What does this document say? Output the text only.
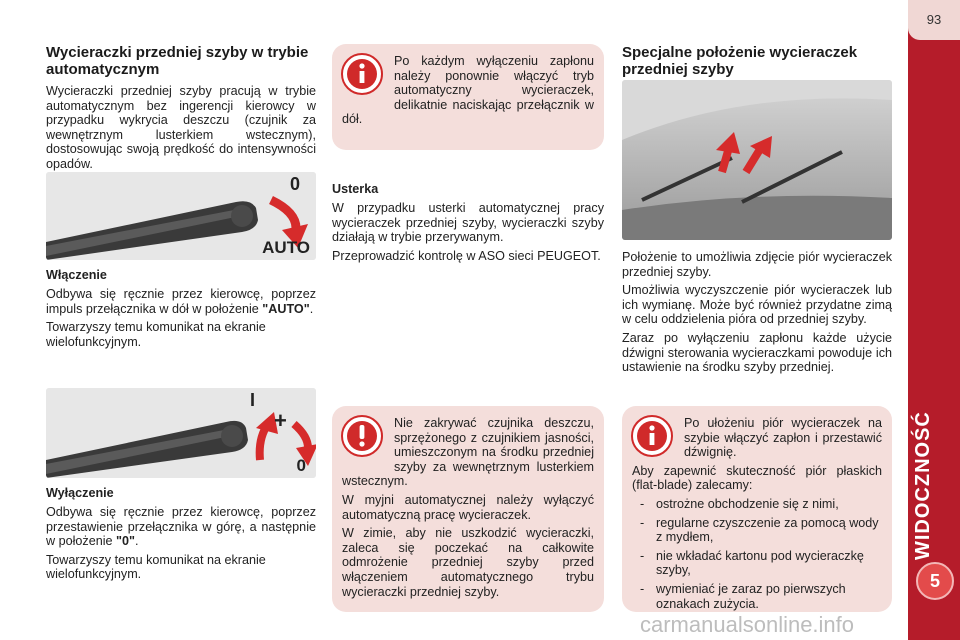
93
WIDOCZNOŚĆ
5
Wycieraczki przedniej szyby w trybie automatycznym

Wycieraczki przedniej szyby pracują w trybie automatycznym bez ingerencji kierowcy w przypadku wykrycia deszczu (czujnik za wewnętrznym lusterkiem wstecznym), dostosowując swoją prędkość do intensywności opadów.

0
AUTO
Włączenie

Odbywa się ręcznie przez kierowcę, poprzez impuls przełącznika w dół w położenie "AUTO".

Towarzyszy temu komunikat na ekranie wielofunkcyjnym.

I
+
0
Wyłączenie

Odbywa się ręcznie przez kierowcę, poprzez przestawienie przełącznika w górę, a następnie w położenie "0".

Towarzyszy temu komunikat na ekranie wielofunkcyjnym.

Po każdym wyłączeniu zapłonu należy ponownie włączyć tryb automatyczny wycieraczek, delikatnie naciskając przełącznik w dół.

Usterka

W przypadku usterki automatycznej pracy wycieraczek przedniej szyby, wycieraczki szyby działają w trybie przerywanym.

Przeprowadzić kontrolę w ASO sieci PEUGEOT.

Nie zakrywać czujnika deszczu, sprzężonego z czujnikiem jasności, umieszczonym na środku przedniej szyby za wewnętrznym lusterkiem wstecznym.

W myjni automatycznej należy wyłączyć automatyczną pracę wycieraczek.

W zimie, aby nie uszkodzić wycieraczki, zaleca się poczekać na całkowite odmrożenie przedniej szyby przed włączeniem automatycznego trybu wycieraczki przedniej szyby.

Specjalne położenie wycieraczek przedniej szyby

Położenie to umożliwia zdjęcie piór wycieraczek przedniej szyby.

Umożliwia wyczyszczenie piór wycieraczek lub ich wymianę. Może być również przydatne zimą w celu oddzielenia pióra od przedniej szyby.

Zaraz po wyłączeniu zapłonu każde użycie dźwigni sterowania wycieraczkami powoduje ich ustawienie na środku szyby przedniej.

Po ułożeniu piór wycieraczek na szybie włączyć zapłon i przestawić dźwignię.

Aby zapewnić skuteczność piór płaskich (flat-blade) zalecamy:

- ostrożne obchodzenie się z nimi,
- regularne czyszczenie za pomocą wody z mydłem,
- nie wkładać kartonu pod wycieraczkę szyby,
- wymieniać je zaraz po pierwszych oznakach zużycia.
carmanualsonline.info
